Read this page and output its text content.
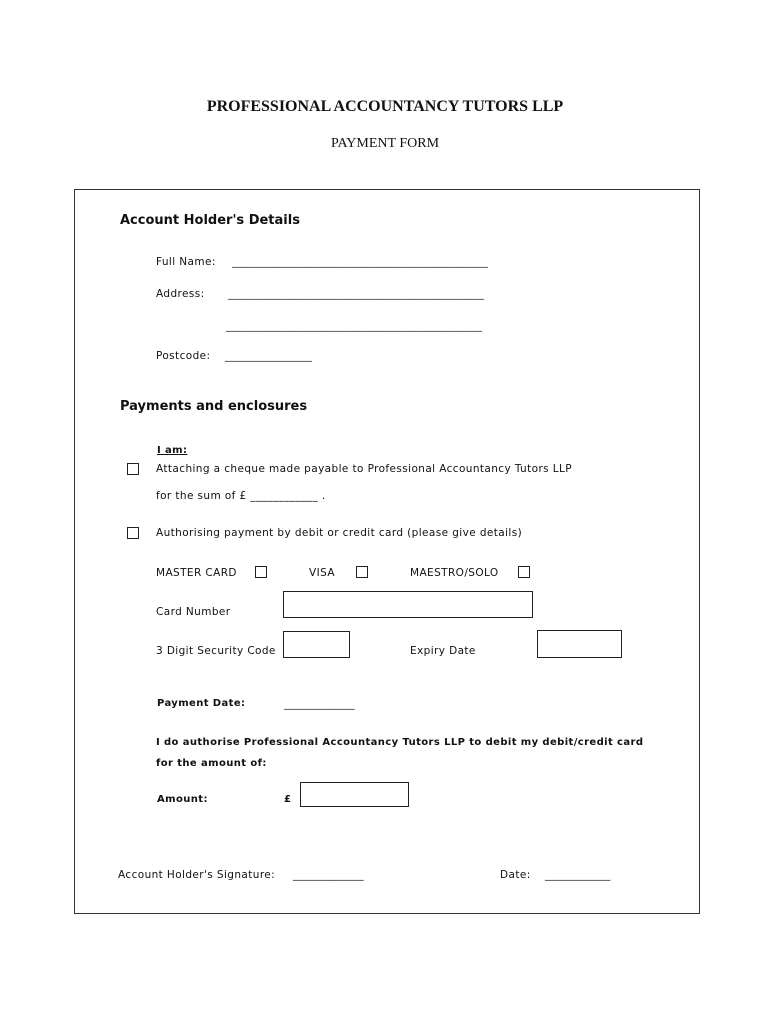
PROFESSIONAL ACCOUNTANCY TUTORS LLP
PAYMENT FORM
Account Holder's Details
Full Name: _______________________________________________
Address: _______________________________________________
_______________________________________________
Postcode: ________________
Payments and enclosures
I am:
Attaching a cheque made payable to Professional Accountancy Tutors LLP
for the sum of £ ____________ .
Authorising payment by debit or credit card (please give details)
MASTER CARD	VISA	MAESTRO/SOLO
Card Number
3 Digit Security Code	Expiry Date
Payment Date:	_____________
I do authorise Professional Accountancy Tutors LLP to debit my debit/credit card
for the amount of:
Amount:	£
Account Holder's Signature: _____________	Date: ____________
